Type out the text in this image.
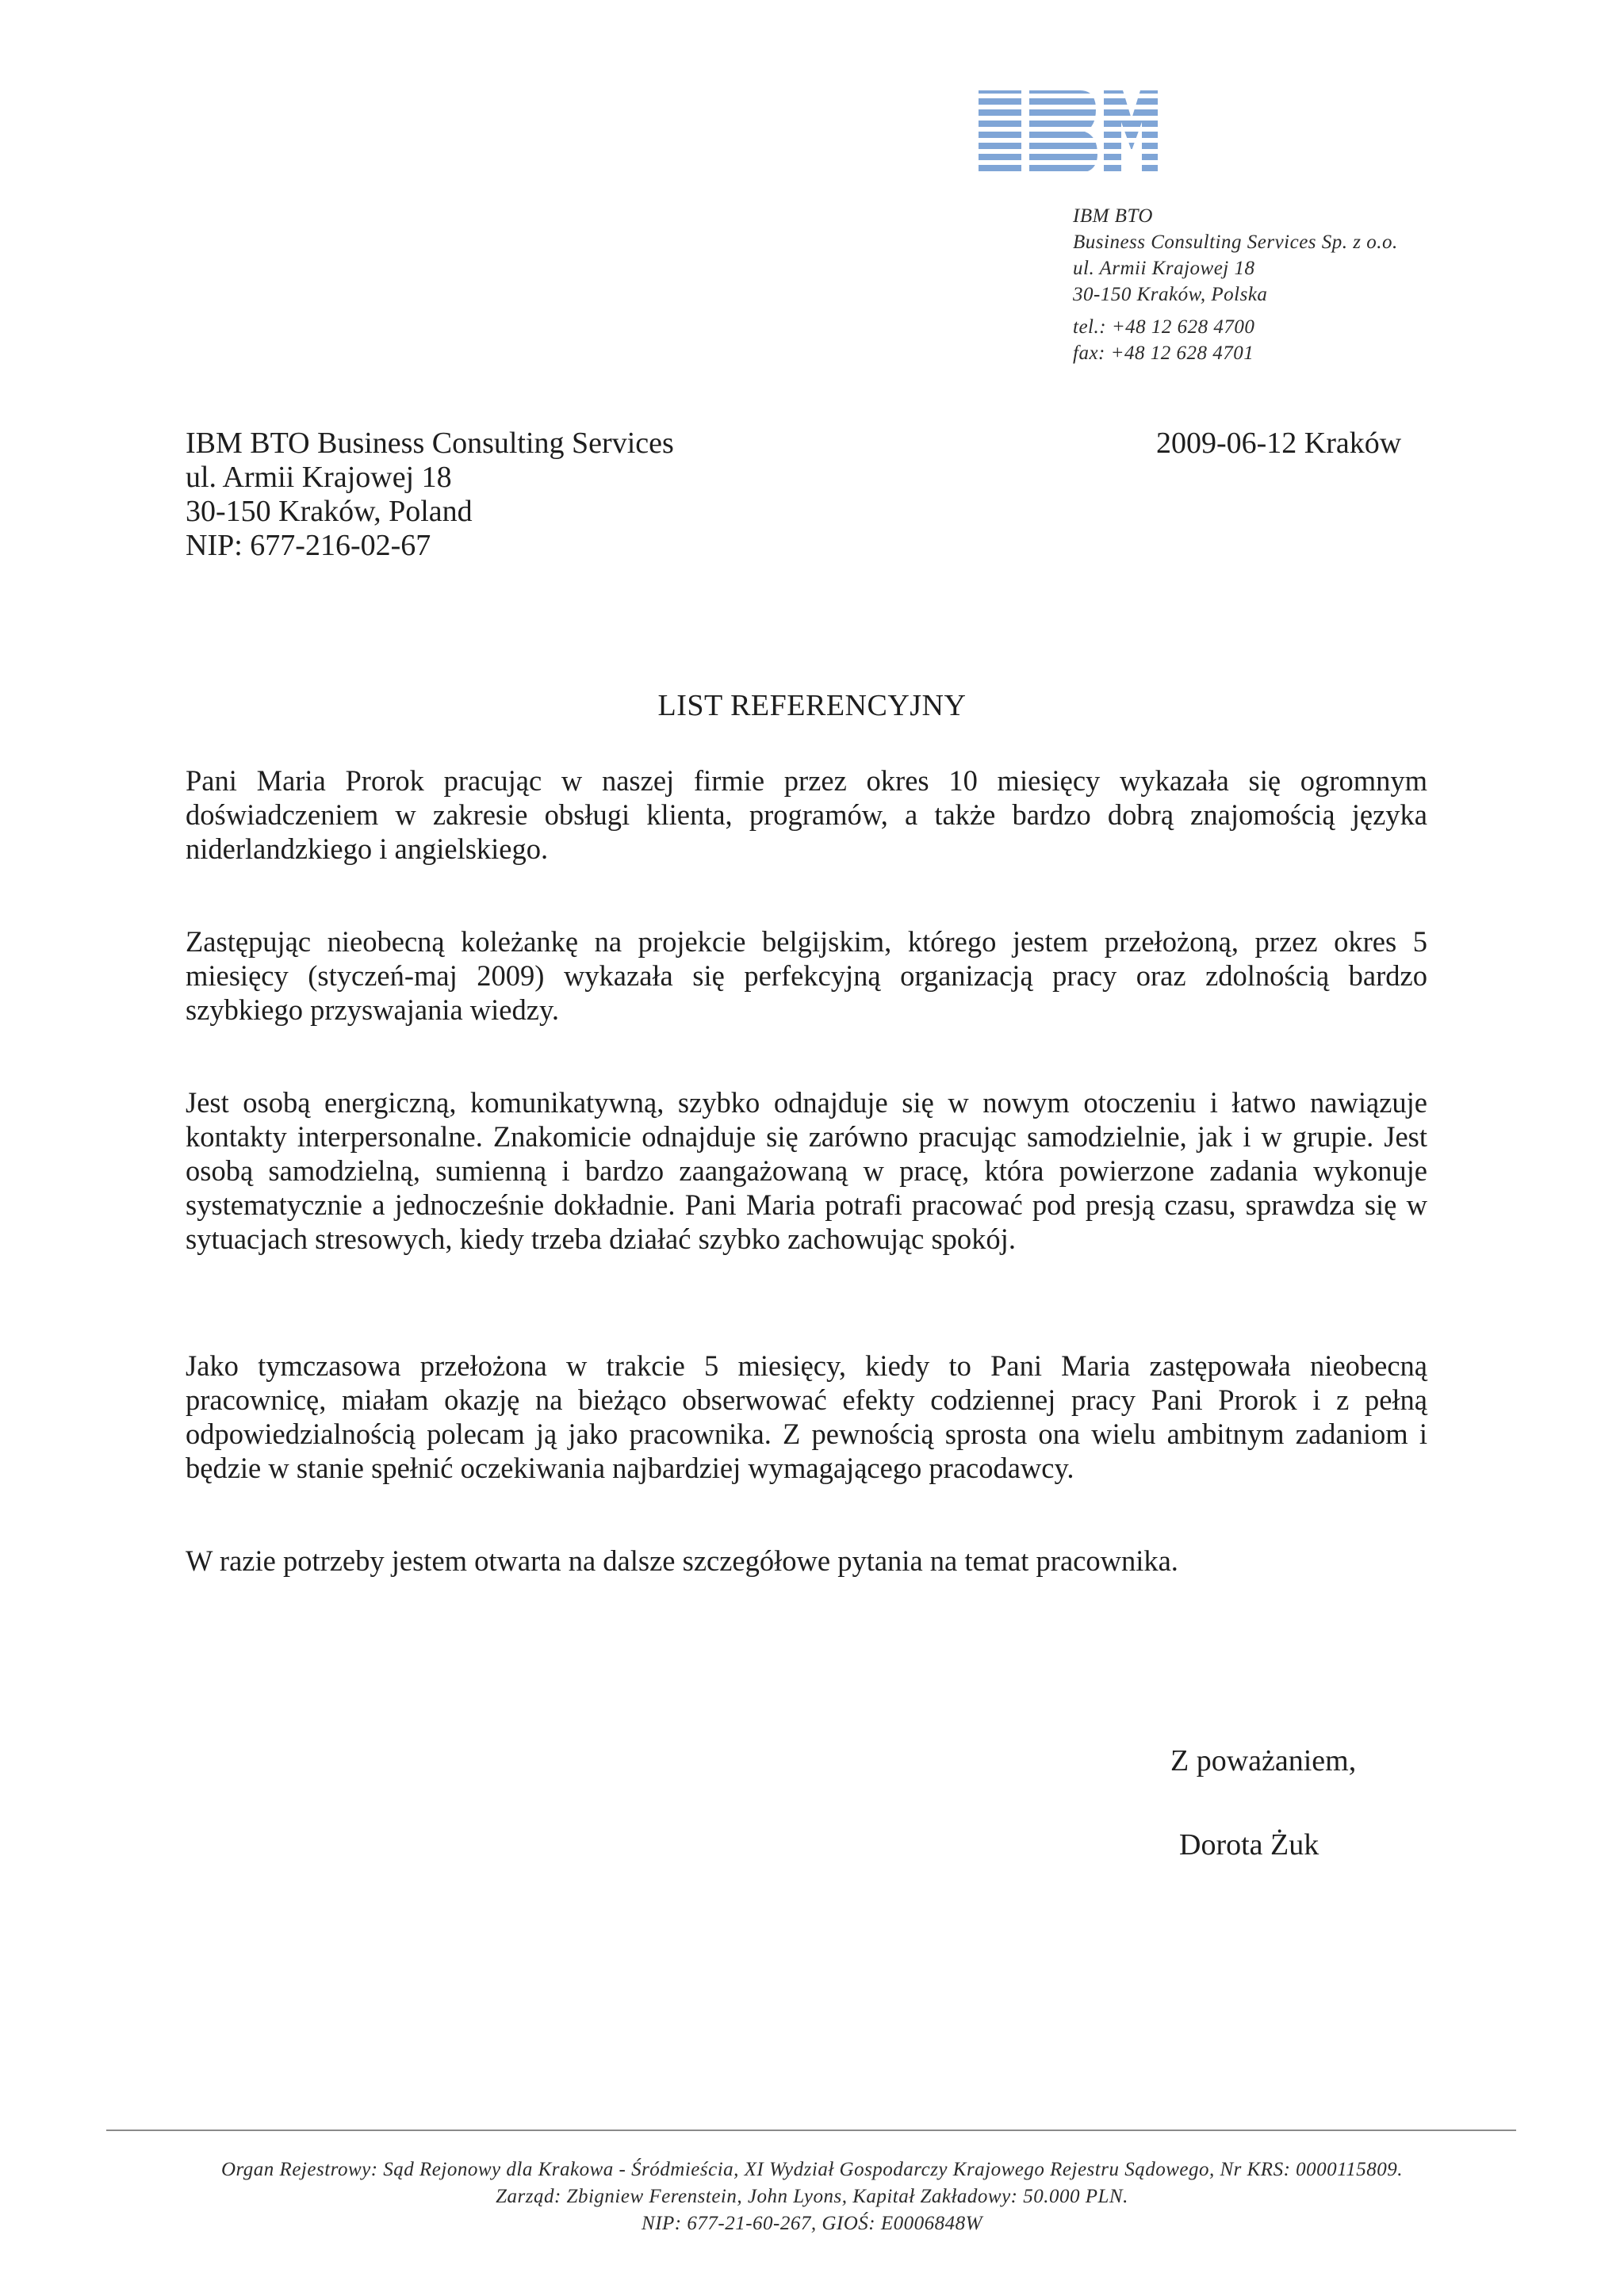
IBM BTO
Business Consulting Services Sp. z o.o.
ul. Armii Krajowej 18
30-150 Kraków, Polska
tel.: +48 12 628 4700
fax: +48 12 628 4701
IBM BTO Business Consulting Services
ul. Armii Krajowej 18
30-150 Kraków, Poland
NIP: 677-216-02-67
2009-06-12 Kraków
LIST REFERENCYJNY

Pani Maria Prorok pracując w naszej firmie przez okres 10 miesięcy wykazała się ogromnym doświadczeniem w zakresie obsługi klienta, programów, a także bardzo dobrą znajomością języka niderlandzkiego i angielskiego.

Zastępując nieobecną koleżankę na projekcie belgijskim, którego jestem przełożoną, przez okres 5 miesięcy (styczeń-maj 2009) wykazała się perfekcyjną organizacją pracy oraz zdolnością bardzo szybkiego przyswajania wiedzy.

Jest osobą energiczną, komunikatywną, szybko odnajduje się w nowym otoczeniu i łatwo nawiązuje kontakty interpersonalne. Znakomicie odnajduje się zarówno pracując samodzielnie, jak i w grupie. Jest osobą samodzielną, sumienną i bardzo zaangażowaną w pracę, która powierzone zadania wykonuje systematycznie a jednocześnie dokładnie. Pani Maria potrafi pracować pod presją czasu, sprawdza się w sytuacjach stresowych, kiedy trzeba działać szybko zachowując spokój.

Jako tymczasowa przełożona w trakcie 5 miesięcy, kiedy to Pani Maria zastępowała nieobecną pracownicę, miałam okazję na bieżąco obserwować efekty codziennej pracy Pani Prorok i z pełną odpowiedzialnością polecam ją jako pracownika. Z pewnością sprosta ona wielu ambitnym zadaniom i będzie w stanie spełnić oczekiwania najbardziej wymagającego pracodawcy.

W razie potrzeby jestem otwarta na dalsze szczegółowe pytania na temat pracownika.

Z poważaniem,
Dorota Żuk
Organ Rejestrowy: Sąd Rejonowy dla Krakowa - Śródmieścia, XI Wydział Gospodarczy Krajowego Rejestru Sądowego, Nr KRS: 0000115809.
Zarząd: Zbigniew Ferenstein, John Lyons, Kapitał Zakładowy: 50.000 PLN.
NIP: 677-21-60-267, GIOŚ: E0006848W
